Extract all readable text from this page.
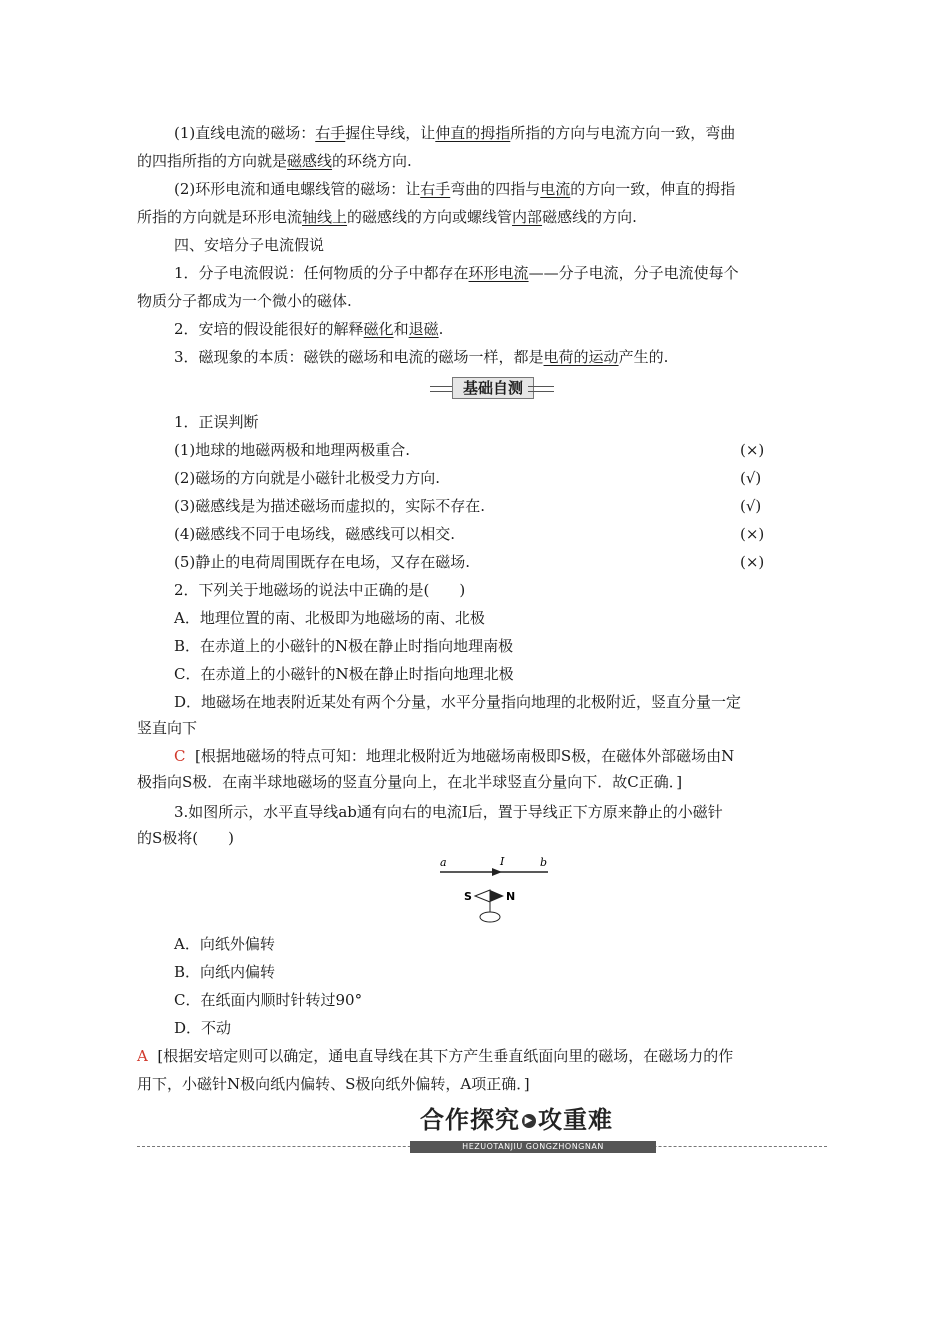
(1)直线电流的磁场：右手握住导线，让伸直的拇指所指的方向与电流方向一致，弯曲
的四指所指的方向就是磁感线的环绕方向.
(2)环形电流和通电螺线管的磁场：让右手弯曲的四指与电流的方向一致，伸直的拇指
所指的方向就是环形电流轴线上的磁感线的方向或螺线管内部磁感线的方向.
四、安培分子电流假说
1．分子电流假说：任何物质的分子中都存在环形电流——分子电流，分子电流使每个
物质分子都成为一个微小的磁体.
2．安培的假设能很好的解释磁化和退磁.
3．磁现象的本质：磁铁的磁场和电流的磁场一样，都是电荷的运动产生的.
基础自测
1．正误判断
(1)地球的地磁两极和地理两极重合.	(×)
(2)磁场的方向就是小磁针北极受力方向.	(√)
(3)磁感线是为描述磁场而虚拟的，实际不存在.	(√)
(4)磁感线不同于电场线，磁感线可以相交.	(×)
(5)静止的电荷周围既存在电场，又存在磁场.	(×)
2．下列关于地磁场的说法中正确的是(　　)
A．地理位置的南、北极即为地磁场的南、北极
B．在赤道上的小磁针的N极在静止时指向地理南极
C．在赤道上的小磁针的N极在静止时指向地理北极
D．地磁场在地表附近某处有两个分量，水平分量指向地理的北极附近，竖直分量一定
竖直向下
C [根据地磁场的特点可知：地理北极附近为地磁场南极即S极，在磁体外部磁场由N
极指向S极．在南半球地磁场的竖直分量向上，在北半球竖直分量向下．故C正确．]
3.如图所示，水平直导线ab通有向右的电流I后，置于导线正下方原来静止的小磁针
的S极将(　　)
a	I	b
S	N
A．向纸外偏转
B．向纸内偏转
C．在纸面内顺时针转过90°
D．不动
A [根据安培定则可以确定，通电直导线在其下方产生垂直纸面向里的磁场，在磁场力的作
用下，小磁针N极向纸内偏转、S极向纸外偏转，A项正确．]
合作探究 ▶ 攻重难
HEZUOTANJIU GONGZHONGNAN
